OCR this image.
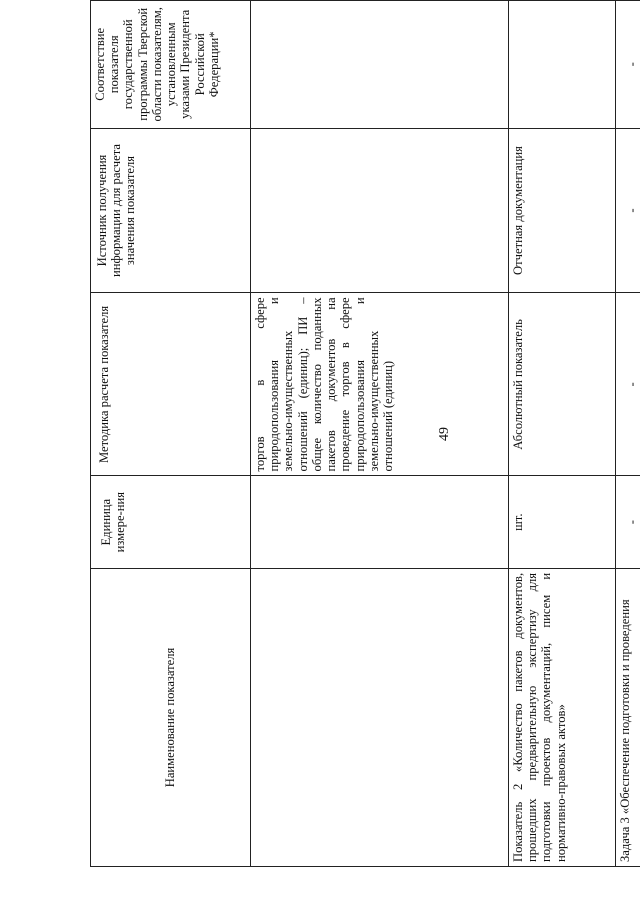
49
Наименование показателя	Единица измере-ния	Методика расчета показателя	Источник получения информации для расчета значения показателя	Соответствие показателя государственной программы Тверской области показателям, установленным указами Президента Российской Федерации*
		торгов в сфере природопользования и земельно-имущественных отношений (единиц); ПИ – общее количество поданных пакетов документов на проведение торгов в сфере природопользования и земельно-имущественных отношений (единиц)		
Показатель 2 «Количество пакетов документов, прошедших предварительную экспертизу для подготовки проектов документаций, писем и нормативно-правовых актов»	шт.	Абсолютный показатель	Отчетная документация	
Задача 3 «Обеспечение подготовки и проведения	-	-	-	-
